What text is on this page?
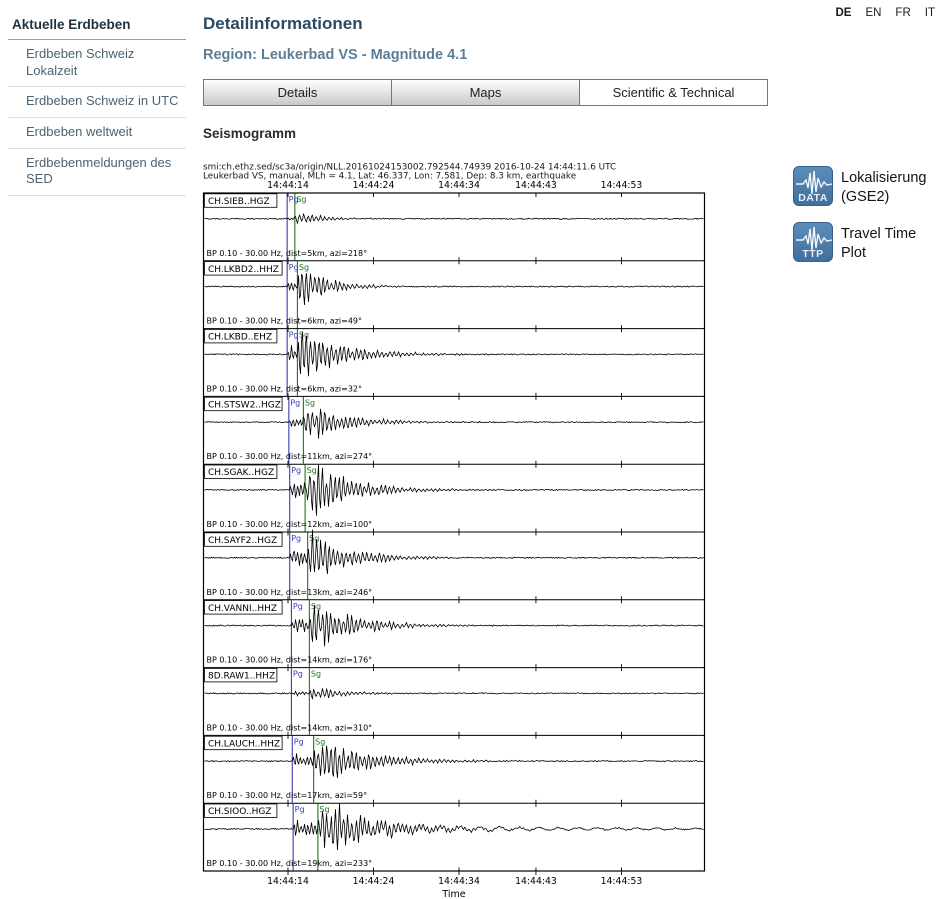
DE EN FR IT
Aktuelle Erdbeben
Erdbeben Schweiz Lokalzeit
Erdbeben Schweiz in UTC
Erdbeben weltweit
Erdbebenmeldungen des SED
Detailinformationen
Region: Leukerbad VS - Magnitude 4.1
Details	Maps	Scientific & Technical
Seismogramm
smi:ch.ethz.sed/sc3a/origin/NLL.20161024153002.792544.74939 2016-10-24 14:44:11.6 UTC
Leukerbad VS, manual, MLh = 4.1, Lat: 46.337, Lon: 7.581, Dep: 8.3 km, earthquake
14:44:14	14:44:24	14:44:34	14:44:43	14:44:53
Pg
Sg
CH.SIEB..HGZ
BP 0.10 - 30.00 Hz, dist=5km, azi=218°
Pg Sg
CH.LKBD2..HHZ
BP 0.10 - 30.00 Hz, dist=6km, azi=49°
Pg Sg
CH.LKBD..EHZ
BP 0.10 - 30.00 Hz, dist=6km, azi=32°
Pg Sg
CH.STSW2..HGZ
BP 0.10 - 30.00 Hz, dist=11km, azi=274°
Pg Sg
CH.SGAK..HGZ
BP 0.10 - 30.00 Hz, dist=12km, azi=100°
Pg Sg
CH.SAYF2..HGZ
BP 0.10 - 30.00 Hz, dist=13km, azi=246°
Pg Sg
CH.VANNI..HHZ
BP 0.10 - 30.00 Hz, dist=14km, azi=176°
Pg Sg
8D.RAW1..HHZ
BP 0.10 - 30.00 Hz, dist=14km, azi=310°
Pg Sg
CH.LAUCH..HHZ
BP 0.10 - 30.00 Hz, dist=17km, azi=59°
Pg Sg
CH.SIOO..HGZ
BP 0.10 - 30.00 Hz, dist=19km, azi=233°
14:44:14	14:44:24	14:44:34	14:44:43	14:44:53
Time
DATA
Lokalisierung (GSE2)
TTP
Travel Time Plot
